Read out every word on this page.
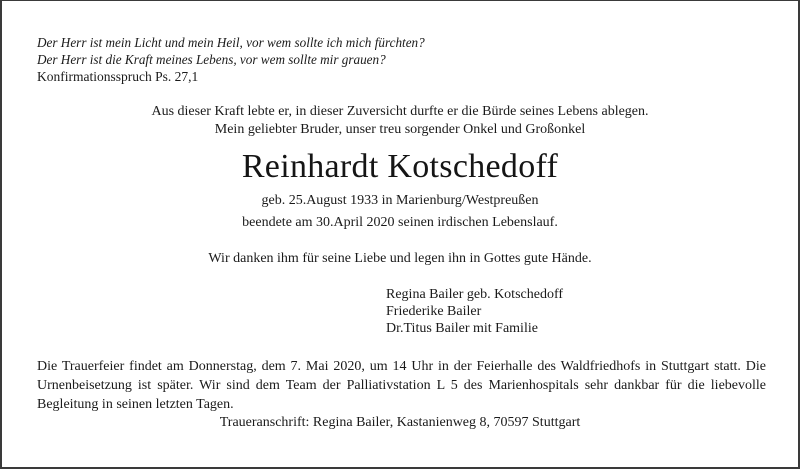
Der Herr ist mein Licht und mein Heil, vor wem sollte ich mich fürchten?
Der Herr ist die Kraft meines Lebens, vor wem sollte mir grauen?
Konfirmationsspruch Ps. 27,1
Aus dieser Kraft lebte er, in dieser Zuversicht durfte er die Bürde seines Lebens ablegen.
Mein geliebter Bruder, unser treu sorgender Onkel und Großonkel
Reinhardt Kotschedoff
geb. 25.August 1933 in Marienburg/Westpreußen
beendete am 30.April 2020 seinen irdischen Lebenslauf.
Wir danken ihm für seine Liebe und legen ihn in Gottes gute Hände.
Regina Bailer geb. Kotschedoff
Friederike Bailer
Dr.Titus Bailer mit Familie
Die Trauerfeier findet am Donnerstag, dem 7. Mai 2020, um 14 Uhr in der Feierhalle des Waldfriedhofs in Stuttgart statt. Die Urnenbeisetzung ist später. Wir sind dem Team der Palliativstation L 5 des Marienhospitals sehr dankbar für die liebevolle Begleitung in seinen letzten Tagen.
Traueranschrift: Regina Bailer, Kastanienweg 8, 70597 Stuttgart
